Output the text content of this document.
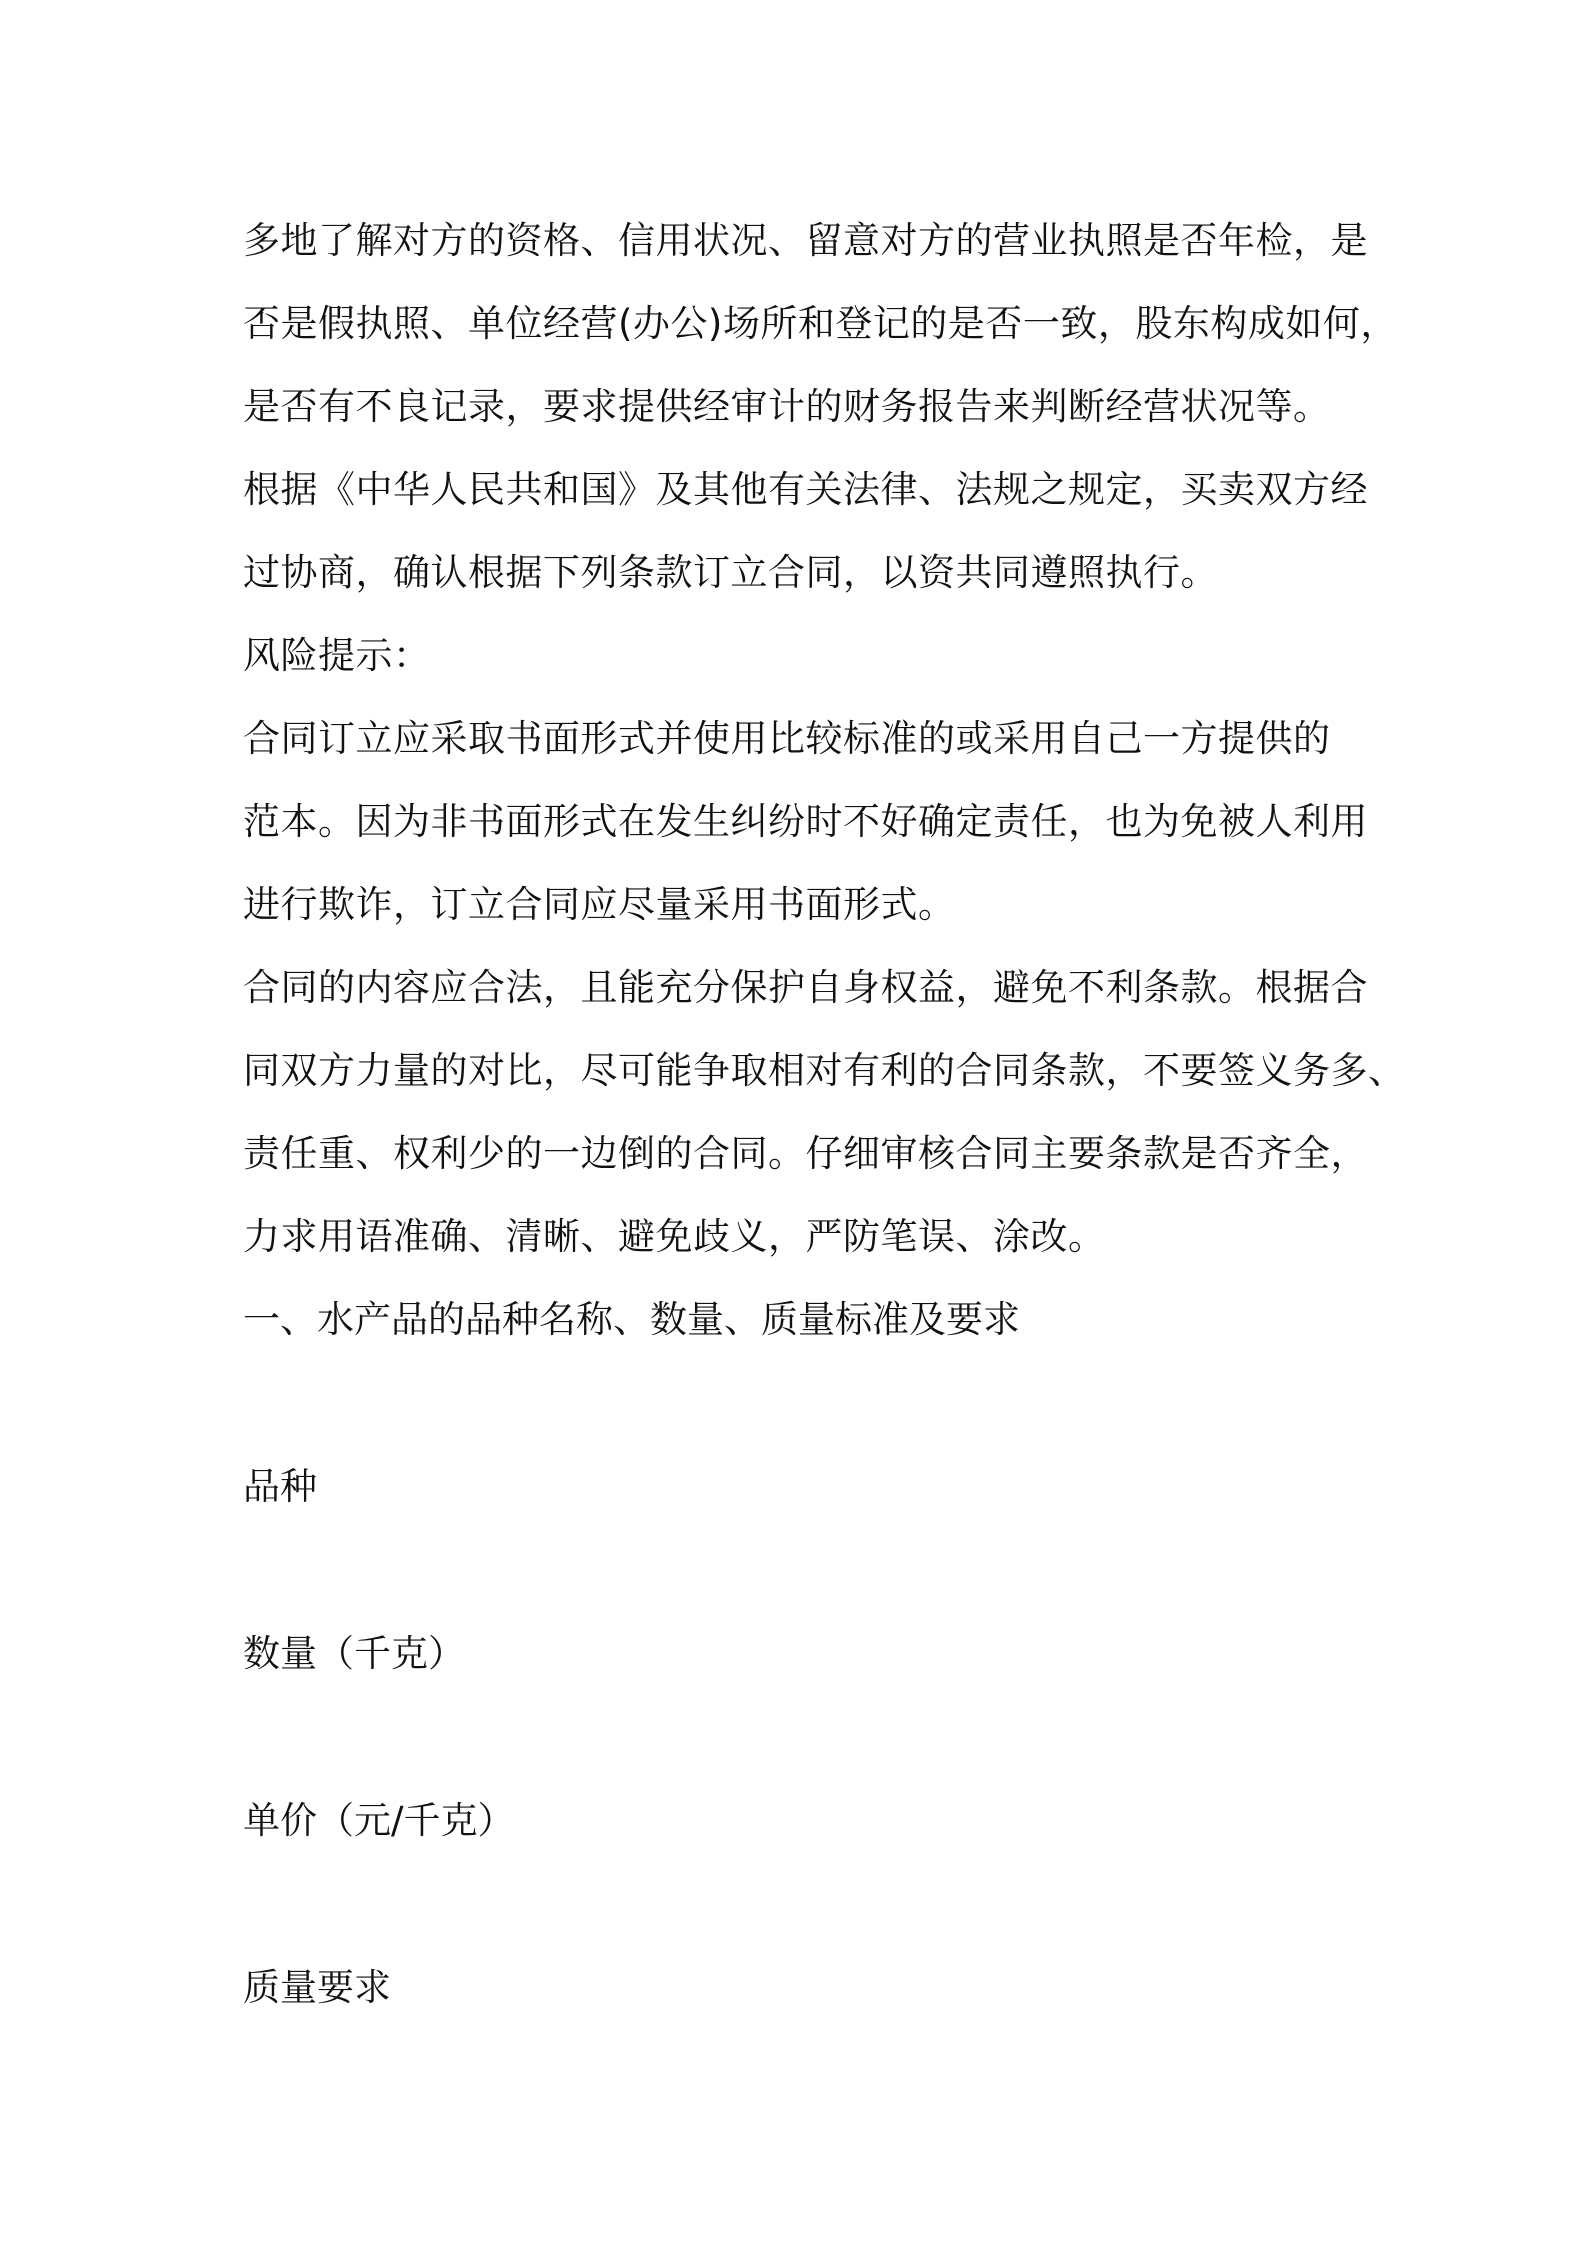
多地了解对方的资格、信用状况、留意对方的营业执照是否年检，是
否是假执照、单位经营(办公)场所和登记的是否一致，股东构成如何，
是否有不良记录，要求提供经审计的财务报告来判断经营状况等。
根据《中华人民共和国》及其他有关法律、法规之规定，买卖双方经
过协商，确认根据下列条款订立合同，以资共同遵照执行。
风险提示：
合同订立应采取书面形式并使用比较标准的或采用自己一方提供的
范本。因为非书面形式在发生纠纷时不好确定责任，也为免被人利用
进行欺诈，订立合同应尽量采用书面形式。
合同的内容应合法，且能充分保护自身权益，避免不利条款。根据合
同双方力量的对比，尽可能争取相对有利的合同条款，不要签义务多、
责任重、权利少的一边倒的合同。仔细审核合同主要条款是否齐全，
力求用语准确、清晰、避免歧义，严防笔误、涂改。
一、水产品的品种名称、数量、质量标准及要求
品种
数量（千克）
单价（元/千克）
质量要求
